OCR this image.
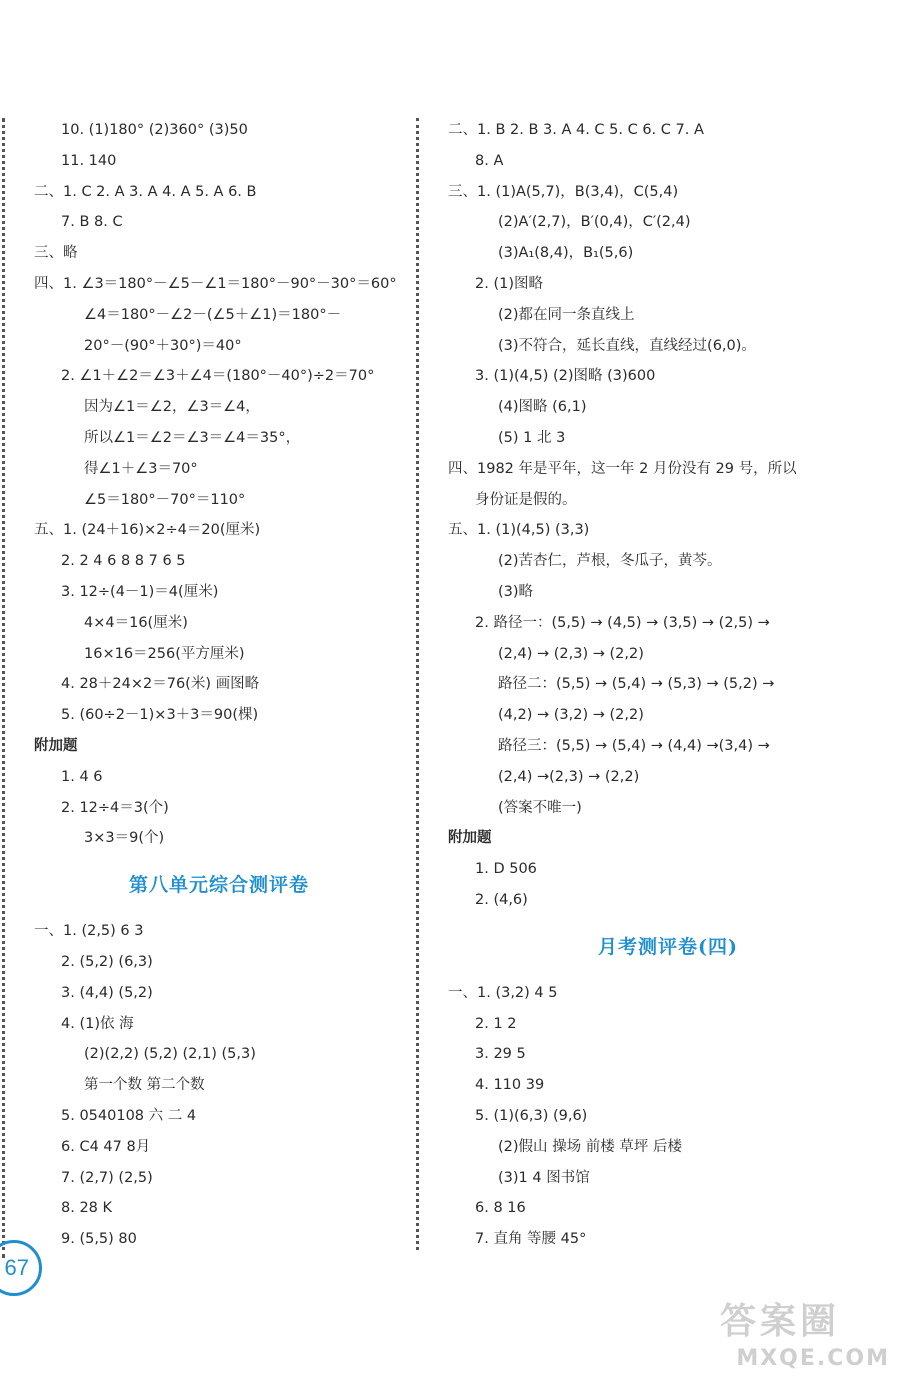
10. (1)180° (2)360° (3)50
11. 140
二、1. C 2. A 3. A 4. A 5. A 6. B
7. B 8. C
三、略
四、1. ∠3＝180°－∠5－∠1＝180°－90°－30°＝60°
∠4＝180°－∠2－(∠5＋∠1)＝180°－
20°－(90°＋30°)＝40°
2. ∠1＋∠2＝∠3＋∠4＝(180°－40°)÷2＝70°
因为∠1＝∠2，∠3＝∠4，
所以∠1＝∠2＝∠3＝∠4＝35°，
得∠1＋∠3＝70°
∠5＝180°－70°＝110°
五、1. (24＋16)×2÷4＝20(厘米)
2. 2 4 6 8 8 7 6 5
3. 12÷(4－1)＝4(厘米)
4×4＝16(厘米)
16×16＝256(平方厘米)
4. 28＋24×2＝76(米) 画图略
5. (60÷2－1)×3＋3＝90(棵)
附加题
1. 4 6
2. 12÷4＝3(个)
3×3＝9(个)
第八单元综合测评卷
一、1. (2,5) 6 3
2. (5,2) (6,3)
3. (4,4) (5,2)
4. (1)依 海
(2)(2,2) (5,2) (2,1) (5,3)
第一个数 第二个数
5. 0540108 六 二 4
6. C4 47 8月
7. (2,7) (2,5)
8. 28 K
9. (5,5) 80
二、1. B 2. B 3. A 4. C 5. C 6. C 7. A
8. A
三、1. (1)A(5,7)，B(3,4)，C(5,4)
(2)A′(2,7)，B′(0,4)，C′(2,4)
(3)A₁(8,4)，B₁(5,6)
2. (1)图略
(2)都在同一条直线上
(3)不符合，延长直线，直线经过(6,0)。
3. (1)(4,5) (2)图略 (3)600
(4)图略 (6,1)
(5) 1 北 3
四、1982 年是平年，这一年 2 月份没有 29 号，所以
身份证是假的。
五、1. (1)(4,5) (3,3)
(2)苦杏仁，芦根，冬瓜子，黄芩。
(3)略
2. 路径一：(5,5) → (4,5) → (3,5) → (2,5) →
(2,4) → (2,3) → (2,2)
路径二：(5,5) → (5,4) → (5,3) → (5,2) →
(4,2) → (3,2) → (2,2)
路径三：(5,5) → (5,4) → (4,4) →(3,4) →
(2,4) →(2,3) → (2,2)
(答案不唯一)
附加题
1. D 506
2. (4,6)
月考测评卷(四)
一、1. (3,2) 4 5
2. 1 2
3. 29 5
4. 110 39
5. (1)(6,3) (9,6)
(2)假山 操场 前楼 草坪 后楼
(3)1 4 图书馆
6. 8 16
7. 直角 等腰 45°
67
答案圈
MXQE.COM
